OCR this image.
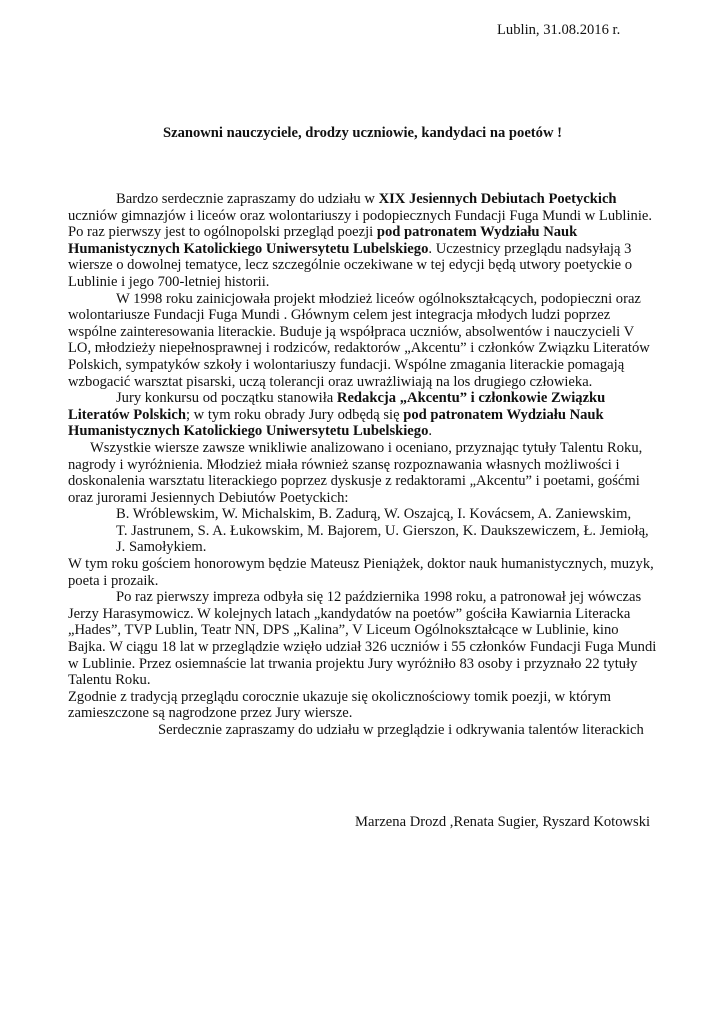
Lublin, 31.08.2016 r.
Szanowni nauczyciele, drodzy uczniowie, kandydaci na poetów !

Bardzo serdecznie zapraszamy do udziału w XIX Jesiennych Debiutach Poetyckich uczniów gimnazjów i liceów oraz wolontariuszy i podopiecznych Fundacji Fuga Mundi w Lublinie.

Po raz pierwszy jest to ogólnopolski przegląd poezji pod patronatem Wydziału Nauk Humanistycznych Katolickiego Uniwersytetu Lubelskiego. Uczestnicy przeglądu nadsyłają 3 wiersze o dowolnej tematyce, lecz szczególnie oczekiwane w tej edycji będą utwory poetyckie o Lublinie i jego 700-letniej historii.

W 1998 roku zainicjowała projekt młodzież liceów ogólnokształcących, podopieczni oraz wolontariusze Fundacji Fuga Mundi . Głównym celem jest integracja młodych ludzi poprzez wspólne zainteresowania literackie. Buduje ją współpraca uczniów, absolwentów i nauczycieli V LO, młodzieży niepełnosprawnej i rodziców, redaktorów „Akcentu” i członków Związku Literatów Polskich, sympatyków szkoły i wolontariuszy fundacji. Wspólne zmagania literackie pomagają wzbogacić warsztat pisarski, uczą tolerancji oraz uwrażliwiają na los drugiego człowieka.

Jury konkursu od początku stanowiła Redakcja „Akcentu” i członkowie Związku Literatów Polskich; w tym roku obrady Jury odbędą się pod patronatem Wydziału Nauk Humanistycznych Katolickiego Uniwersytetu Lubelskiego.

Wszystkie wiersze zawsze wnikliwie analizowano i oceniano, przyznając tytuły Talentu Roku, nagrody i wyróżnienia. Młodzież miała również szansę rozpoznawania własnych możliwości i doskonalenia warsztatu literackiego poprzez dyskusje z redaktorami „Akcentu” i poetami, gośćmi oraz jurorami Jesiennych Debiutów Poetyckich:

B. Wróblewskim, W. Michalskim, B. Zadurą, W. Oszajcą, I. Kovácsem, A. Zaniewskim,
T. Jastrunem, S. A. Łukowskim, M. Bajorem, U. Gierszon, K. Daukszewiczem, Ł. Jemiołą,
J. Samołykiem.

W tym roku gościem honorowym będzie Mateusz Pieniążek, doktor nauk humanistycznych, muzyk, poeta i prozaik.

Po raz pierwszy impreza odbyła się 12 października 1998 roku, a patronował jej wówczas Jerzy Harasymowicz. W kolejnych latach „kandydatów na poetów” gościła Kawiarnia Literacka „Hades”, TVP Lublin, Teatr NN, DPS „Kalina”, V Liceum Ogólnokształcące w Lublinie, kino Bajka. W ciągu 18 lat w przeglądzie wzięło udział 326 uczniów i 55 członków Fundacji Fuga Mundi w Lublinie. Przez osiemnaście lat trwania projektu Jury wyróżniło 83 osoby i przyznało 22 tytuły Talentu Roku.

Zgodnie z tradycją przeglądu corocznie ukazuje się okolicznościowy tomik poezji, w którym zamieszczone są nagrodzone przez Jury wiersze.

Serdecznie zapraszamy do udziału w przeglądzie i odkrywania talentów literackich

Marzena Drozd ,Renata Sugier, Ryszard Kotowski
